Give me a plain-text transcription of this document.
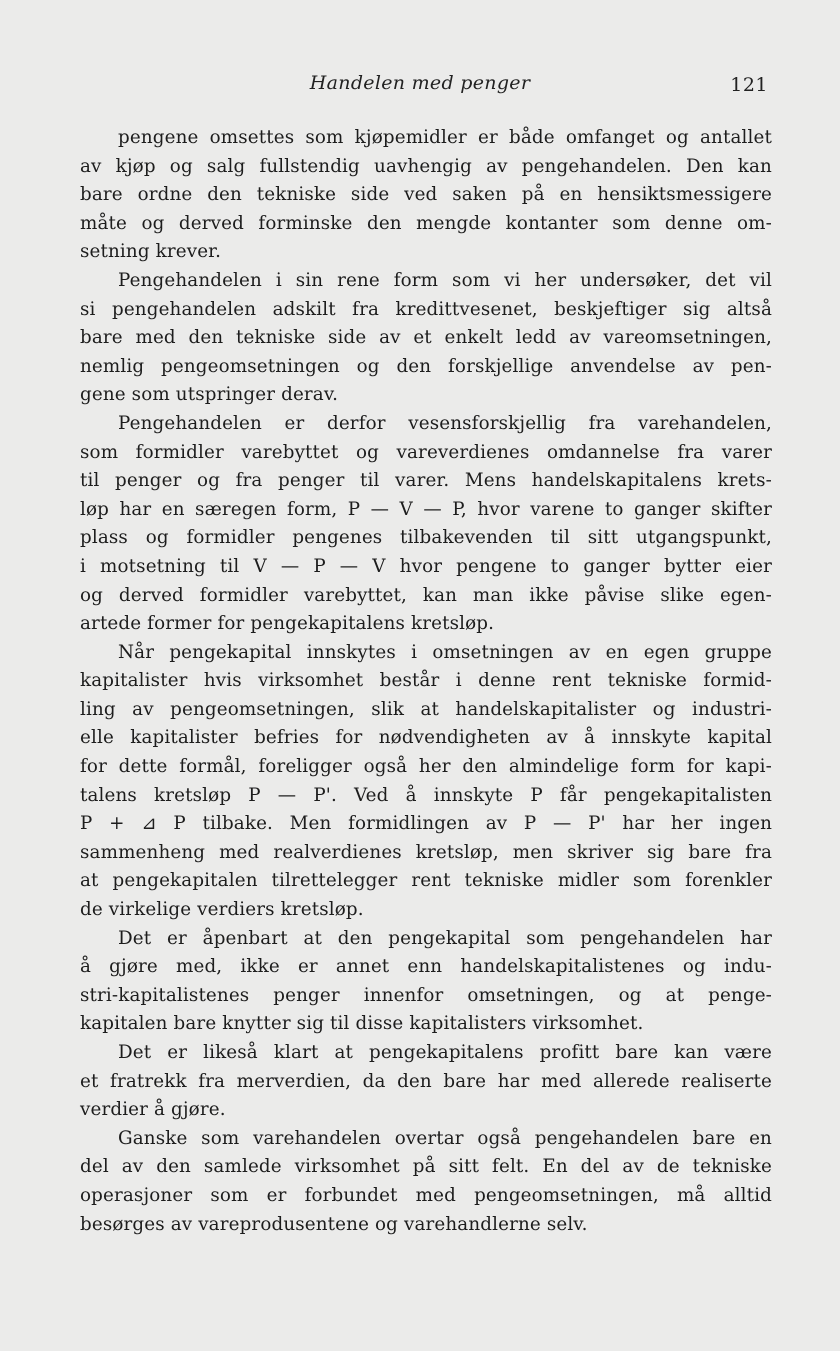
Handelen med penger	121
pengene omsettes som kjøpemidler er både omfanget og antallet
av kjøp og salg fullstendig uavhengig av pengehandelen. Den kan
bare ordne den tekniske side ved saken på en hensiktsmessigere
måte og derved forminske den mengde kontanter som denne om-
setning krever.
Pengehandelen i sin rene form som vi her undersøker, det vil
si pengehandelen adskilt fra kredittvesenet, beskjeftiger sig altså
bare med den tekniske side av et enkelt ledd av vareomsetningen,
nemlig pengeomsetningen og den forskjellige anvendelse av pen-
gene som utspringer derav.
Pengehandelen er derfor vesensforskjellig fra varehandelen,
som formidler varebyttet og vareverdienes omdannelse fra varer
til penger og fra penger til varer. Mens handelskapitalens krets-
løp har en særegen form, P — V — P, hvor varene to ganger skifter
plass og formidler pengenes tilbakevenden til sitt utgangspunkt,
i motsetning til V — P — V hvor pengene to ganger bytter eier
og derved formidler varebyttet, kan man ikke påvise slike egen-
artede former for pengekapitalens kretsløp.
Når pengekapital innskytes i omsetningen av en egen gruppe
kapitalister hvis virksomhet består i denne rent tekniske formid-
ling av pengeomsetningen, slik at handelskapitalister og industri-
elle kapitalister befries for nødvendigheten av å innskyte kapital
for dette formål, foreligger også her den almindelige form for kapi-
talens kretsløp P — P'. Ved å innskyte P får pengekapitalisten
P + ⊿ P tilbake. Men formidlingen av P — P' har her ingen
sammenheng med realverdienes kretsløp, men skriver sig bare fra
at pengekapitalen tilrettelegger rent tekniske midler som forenkler
de virkelige verdiers kretsløp.
Det er åpenbart at den pengekapital som pengehandelen har
å gjøre med, ikke er annet enn handelskapitalistenes og indu-
stri-kapitalistenes penger innenfor omsetningen, og at penge-
kapitalen bare knytter sig til disse kapitalisters virksomhet.
Det er likeså klart at pengekapitalens profitt bare kan være
et fratrekk fra merverdien, da den bare har med allerede realiserte
verdier å gjøre.
Ganske som varehandelen overtar også pengehandelen bare en
del av den samlede virksomhet på sitt felt. En del av de tekniske
operasjoner som er forbundet med pengeomsetningen, må alltid
besørges av vareprodusentene og varehandlerne selv.
